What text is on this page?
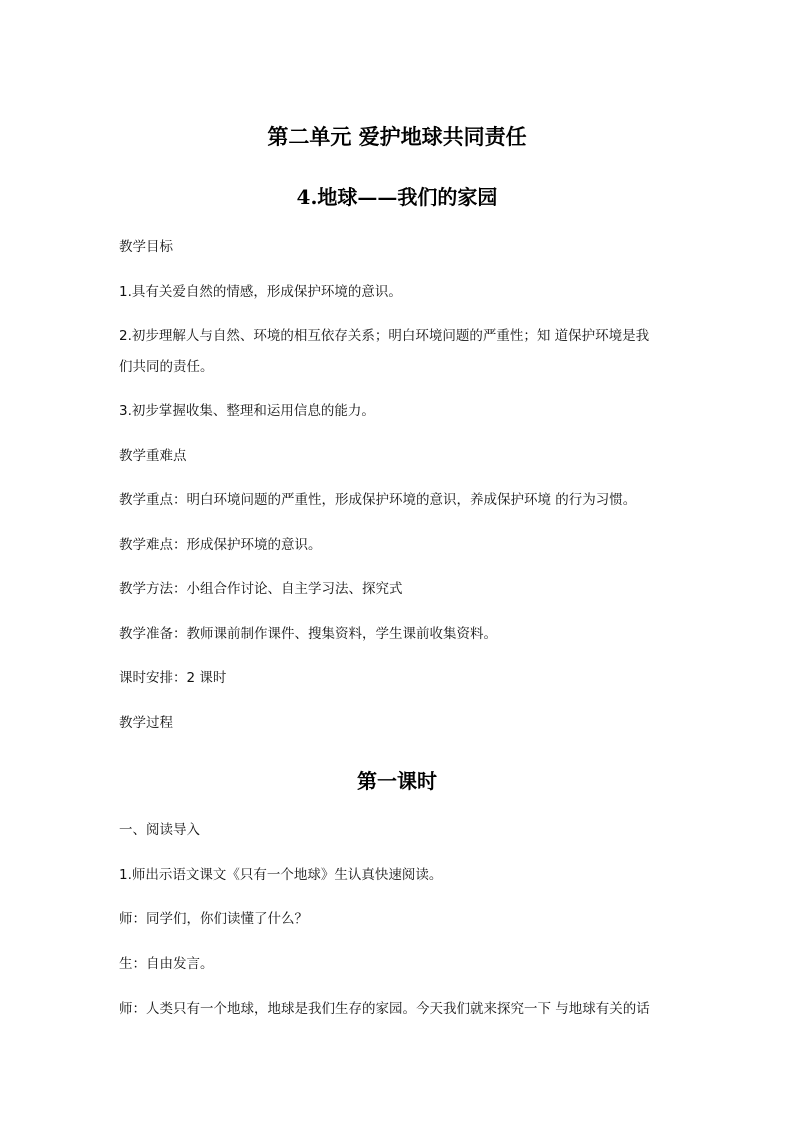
第二单元 爱护地球共同责任
4.地球——我们的家园
教学目标
1.具有关爱自然的情感，形成保护环境的意识。
2.初步理解人与自然、环境的相互依存关系；明白环境问题的严重性；知 道保护环境是我
们共同的责任。
3.初步掌握收集、整理和运用信息的能力。
教学重难点
教学重点：明白环境问题的严重性，形成保护环境的意识，养成保护环境 的行为习惯。
教学难点：形成保护环境的意识。
教学方法：小组合作讨论、自主学习法、探究式
教学准备：教师课前制作课件、搜集资料，学生课前收集资料。
课时安排：2 课时
教学过程
第一课时
一、阅读导入
1.师出示语文课文《只有一个地球》生认真快速阅读。
师：同学们，你们读懂了什么？
生：自由发言。
师：人类只有一个地球，地球是我们生存的家园。今天我们就来探究一下 与地球有关的话
